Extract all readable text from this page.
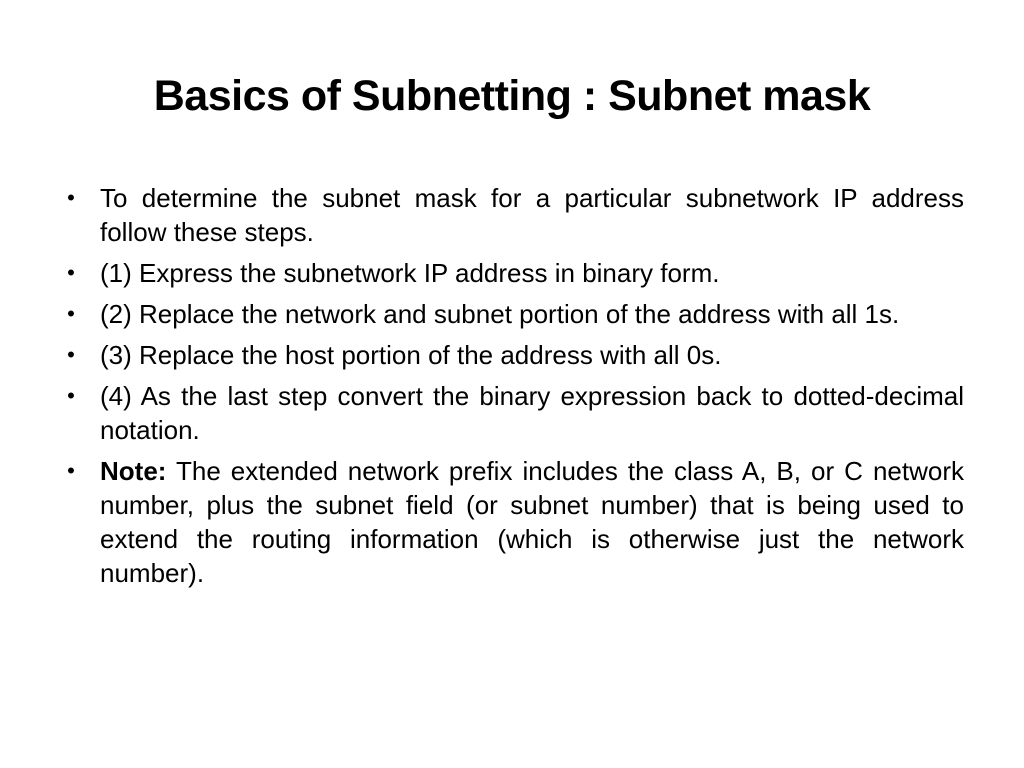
Basics of Subnetting : Subnet mask
• To determine the subnet mask for a particular subnetwork IP address follow these steps.
• (1) Express the subnetwork IP address in binary form.
• (2) Replace the network and subnet portion of the address with all 1s.
• (3) Replace the host portion of the address with all 0s.
• (4) As the last step convert the binary expression back to dotted-decimal notation.
• Note: The extended network prefix includes the class A, B, or C network number, plus the subnet field (or subnet number) that is being used to extend the routing information (which is otherwise just the network number).
